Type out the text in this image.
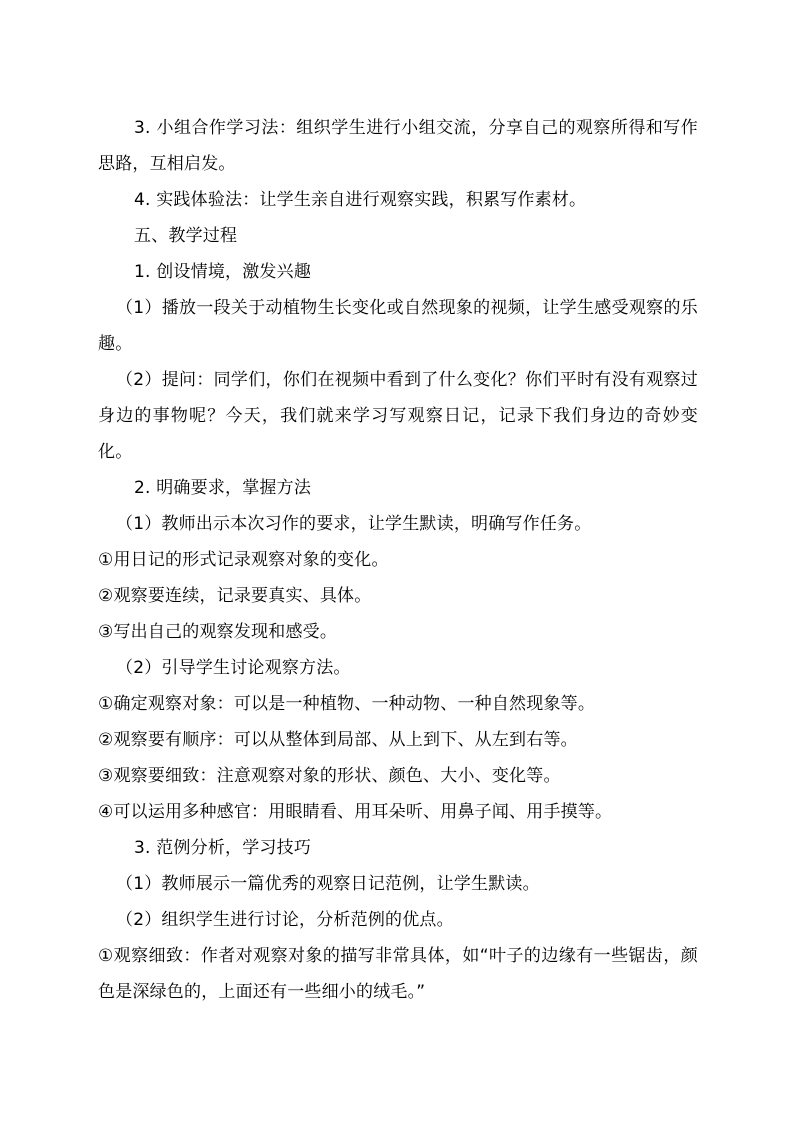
3. 小组合作学习法：组织学生进行小组交流，分享自己的观察所得和写作思路，互相启发。
4. 实践体验法：让学生亲自进行观察实践，积累写作素材。
五、教学过程
1. 创设情境，激发兴趣
（1）播放一段关于动植物生长变化或自然现象的视频，让学生感受观察的乐趣。
（2）提问：同学们，你们在视频中看到了什么变化？你们平时有没有观察过身边的事物呢？今天，我们就来学习写观察日记，记录下我们身边的奇妙变化。
2. 明确要求，掌握方法
（1）教师出示本次习作的要求，让学生默读，明确写作任务。
①用日记的形式记录观察对象的变化。
②观察要连续，记录要真实、具体。
③写出自己的观察发现和感受。
（2）引导学生讨论观察方法。
①确定观察对象：可以是一种植物、一种动物、一种自然现象等。
②观察要有顺序：可以从整体到局部、从上到下、从左到右等。
③观察要细致：注意观察对象的形状、颜色、大小、变化等。
④可以运用多种感官：用眼睛看、用耳朵听、用鼻子闻、用手摸等。
3. 范例分析，学习技巧
（1）教师展示一篇优秀的观察日记范例，让学生默读。
（2）组织学生进行讨论，分析范例的优点。
①观察细致：作者对观察对象的描写非常具体，如“叶子的边缘有一些锯齿，颜色是深绿色的，上面还有一些细小的绒毛。”
